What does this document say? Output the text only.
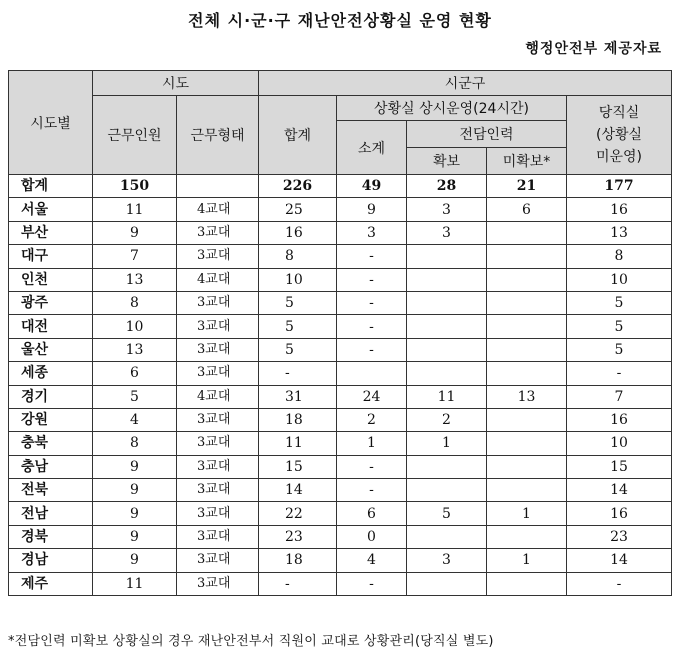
전체 시·군·구 재난안전상황실 운영 현황
행정안전부 제공자료
시도별	시도		시군구				
	근무인원	근무형태	합계	상황실 상시운영(24시간)			당직실
(상황실
미운영)

				소계	전담인력		
					확보	미확보*	
합계	150		226	49	28	21	177
서울	11	4교대	25	9	3	6	16
부산	9	3교대	16	3	3		13
대구	7	3교대	8	-			8
인천	13	4교대	10	-			10
광주	8	3교대	5	-			5
대전	10	3교대	5	-			5
울산	13	3교대	5	-			5
세종	6	3교대	-				-
경기	5	4교대	31	24	11	13	7
강원	4	3교대	18	2	2		16
충북	8	3교대	11	1	1		10
충남	9	3교대	15	-			15
전북	9	3교대	14	-			14
전남	9	3교대	22	6	5	1	16
경북	9	3교대	23	0			23
경남	9	3교대	18	4	3	1	14
제주	11	3교대	-	-			-
*전담인력 미확보 상황실의 경우 재난안전부서 직원이 교대로 상황관리(당직실 별도)
